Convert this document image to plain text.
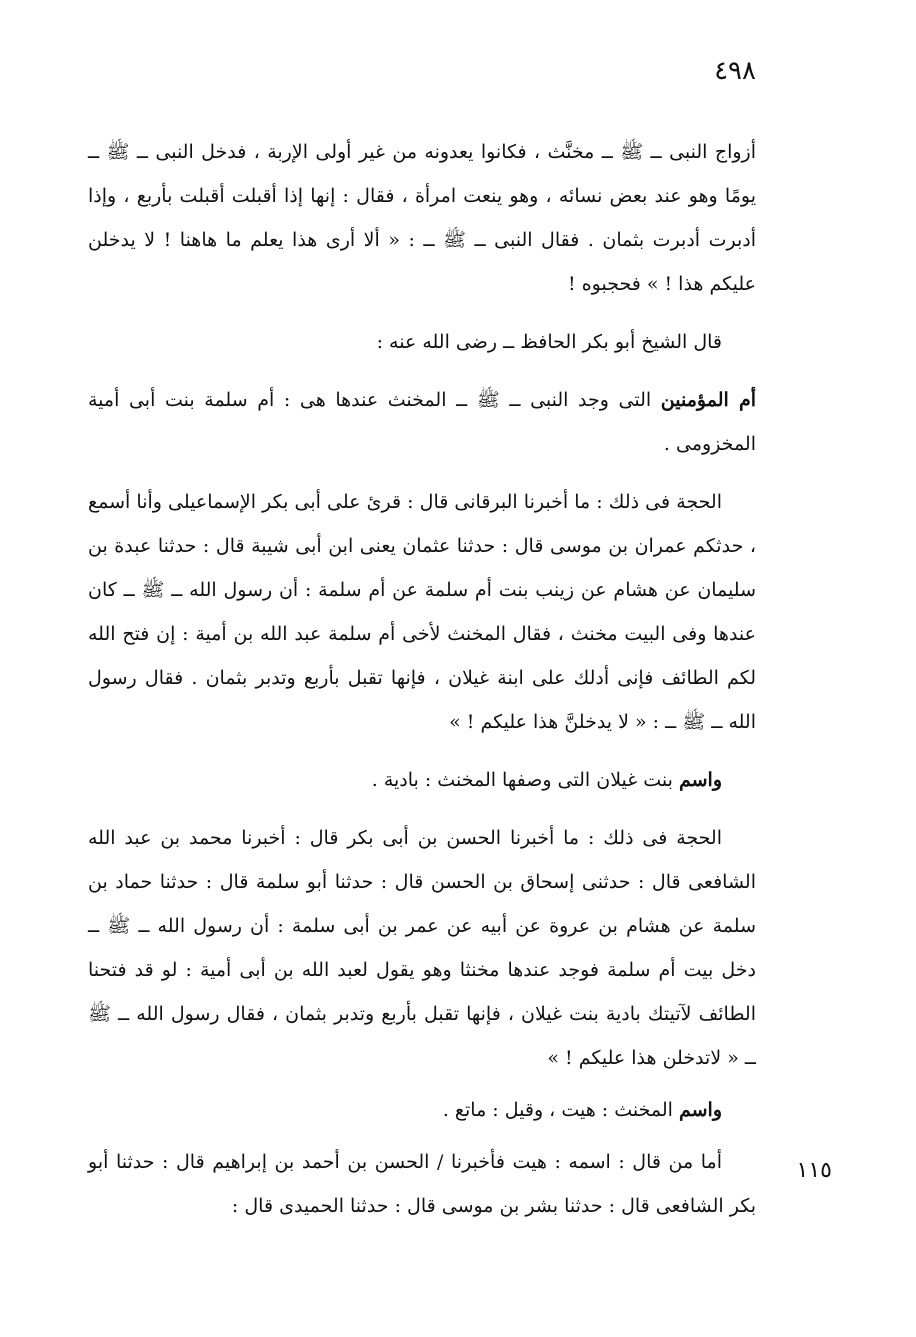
٤٩٨
١١٥

أزواج النبى ــ ﷺ ــ مخنَّث ، فكانوا يعدونه من غير أولى الإربة ، فدخل النبى ــ ﷺ ــ يومًا وهو عند بعض نسائه ، وهو ينعت امرأة ، فقال : إنها إذا أقبلت أقبلت بأربع ، وإذا أدبرت أدبرت بثمان . فقال النبى ــ ﷺ ــ : « ألا أرى هذا يعلم ما هاهنا ! لا يدخلن عليكم هذا ! » فحجبوه !

قال الشيخ أبو بكر الحافظ ــ رضى الله عنه :

أم المؤمنين التى وجد النبى ــ ﷺ ــ المخنث عندها هى : أم سلمة بنت أبى أمية المخزومى .

الحجة فى ذلك : ما أخبرنا البرقانى قال : قرئ على أبى بكر الإسماعيلى وأنا أسمع ، حدثكم عمران بن موسى قال : حدثنا عثمان يعنى ابن أبى شيبة قال : حدثنا عبدة بن سليمان عن هشام عن زينب بنت أم سلمة عن أم سلمة : أن رسول الله ــ ﷺ ــ كان عندها وفى البيت مخنث ، فقال المخنث لأخى أم سلمة عبد الله بن أمية : إن فتح الله لكم الطائف فإنى أدلك على ابنة غيلان ، فإنها تقبل بأربع وتدبر بثمان . فقال رسول الله ــ ﷺ ــ : « لا يدخلنَّ هذا عليكم ! »

واسم بنت غيلان التى وصفها المخنث : بادية .

الحجة فى ذلك : ما أخبرنا الحسن بن أبى بكر قال : أخبرنا محمد بن عبد الله الشافعى قال : حدثنى إسحاق بن الحسن قال : حدثنا أبو سلمة قال : حدثنا حماد بن سلمة عن هشام بن عروة عن أبيه عن عمر بن أبى سلمة : أن رسول الله ــ ﷺ ــ دخل بيت أم سلمة فوجد عندها مخنثا وهو يقول لعبد الله بن أبى أمية : لو قد فتحنا الطائف لآتيتك بادية بنت غيلان ، فإنها تقبل بأربع وتدبر بثمان ، فقال رسول الله ــ ﷺ ــ « لاتدخلن هذا عليكم ! »

واسم المخنث : هيت ، وقيل : ماتع .

أما من قال : اسمه : هيت فأخبرنا / الحسن بن أحمد بن إبراهيم قال : حدثنا أبو بكر الشافعى قال : حدثنا بشر بن موسى قال : حدثنا الحميدى قال :
